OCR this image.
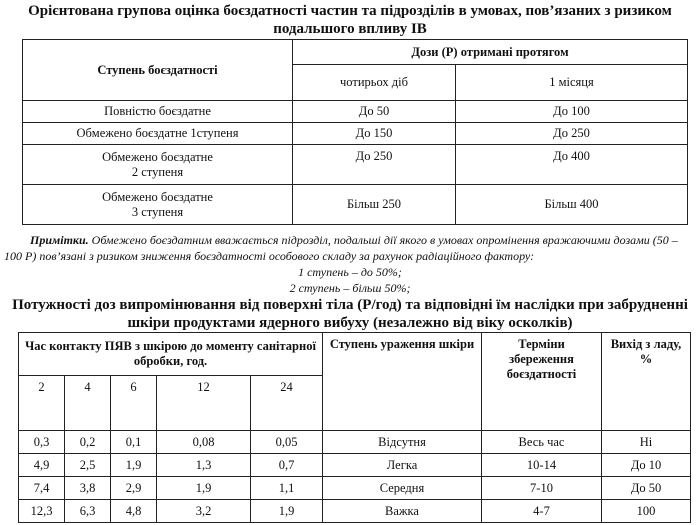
Орієнтована групова оцінка боєздатності частин та підрозділів в умовах, пов’язаних з ризиком подальшого впливу ІВ
Ступень боєздатності	Дози (Р) отримані протягом	
	чотирьох діб	1 місяця
Повністю боєздатне	До 50	До 100
Обмежено боєздатне 1ступеня	До 150	До 250
Обмежено боєздатне
2 ступеня	До 250	До 400
Обмежено боєздатне
3 ступеня	Більш 250	Більш 400
Примітки. Обмежено боєздатним вважається підрозділ, подальші дії якого в умовах опромінення вражаючими дозами (50 – 100 Р) пов’язані з ризиком зниження боєздатності особового складу за рахунок радіаційного фактору:
1 ступень – до 50%;
2 ступень – більш 50%;
Потужності доз випромінювання від поверхні тіла (Р/год) та відповідні їм наслідки при забрудненні шкіри продуктами ядерного вибуху (незалежно від віку осколків)
Час контакту ПЯВ з шкірою до моменту санітарної обробки, год.					Ступень ураження шкіри	Терміни збереження боєздатності	Вихід з ладу, %
2	4	6	12	24			
0,3	0,2	0,1	0,08	0,05	Відсутня	Весь час	Ні
4,9	2,5	1,9	1,3	0,7	Легка	10-14	До 10
7,4	3,8	2,9	1,9	1,1	Середня	7-10	До 50
12,3	6,3	4,8	3,2	1,9	Важка	4-7	100
